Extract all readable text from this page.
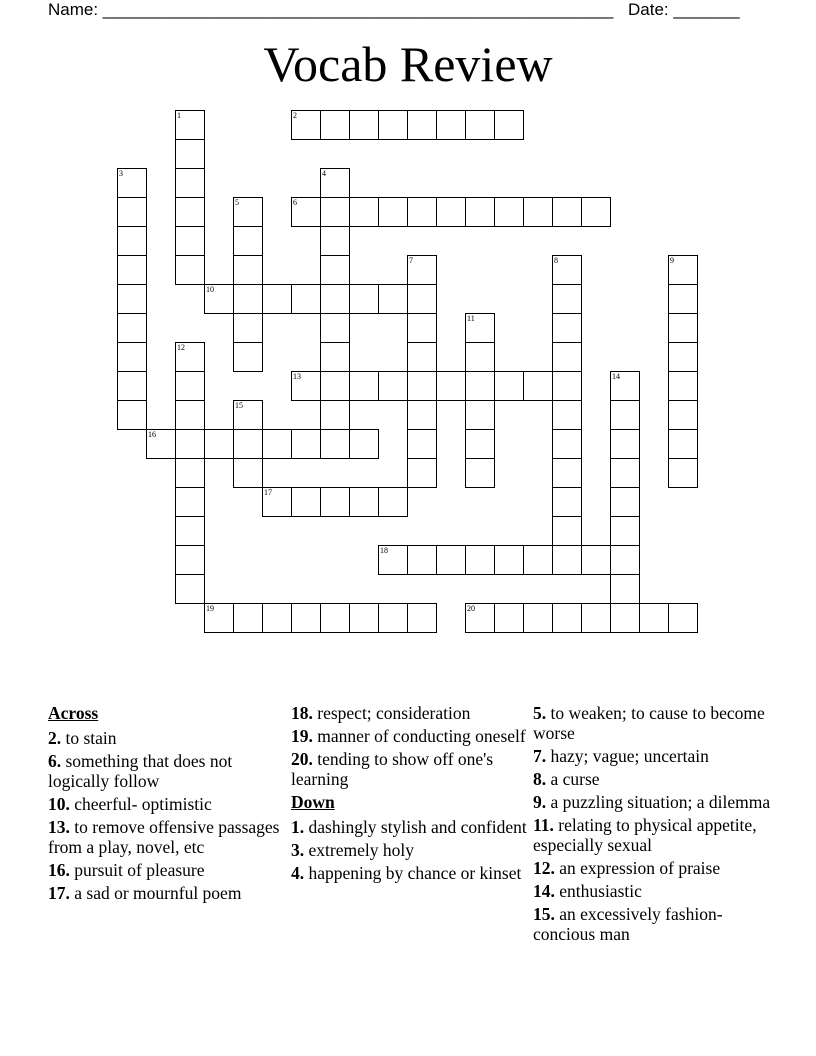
Name: ______________________________________________________ Date: _______
Vocab Review
1	2
3	4
5	6
7	8	9
10
11
12
13	14
15
16
17
18
19	20
Across
2. to stain
6. something that does not logically follow
10. cheerful- optimistic
13. to remove offensive passages from a play, novel, etc
16. pursuit of pleasure
17. a sad or mournful poem
18. respect; consideration
19. manner of conducting oneself
20. tending to show off one's learning
Down
1. dashingly stylish and confident
3. extremely holy
4. happening by chance or kinset
5. to weaken; to cause to become worse
7. hazy; vague; uncertain
8. a curse
9. a puzzling situation; a dilemma
11. relating to physical appetite, especially sexual
12. an expression of praise
14. enthusiastic
15. an excessively fashion-concious man
